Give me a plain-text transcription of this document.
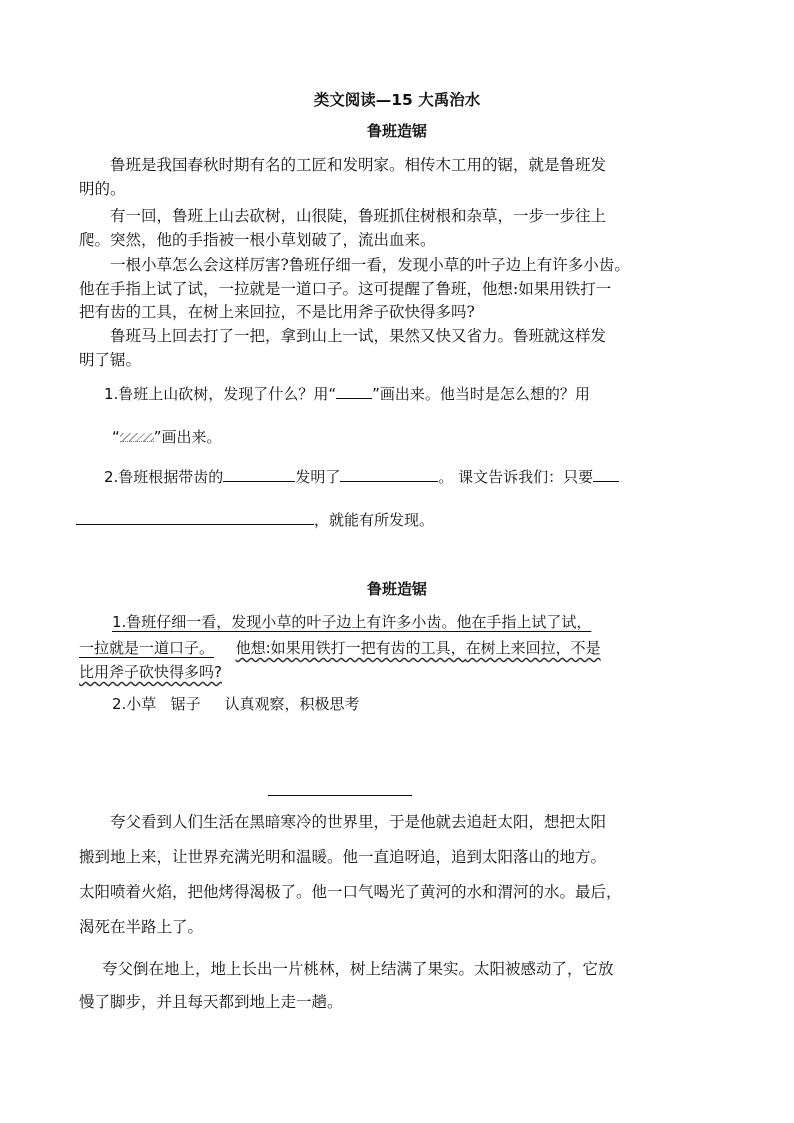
类文阅读—15 大禹治水
鲁班造锯
鲁班是我国春秋时期有名的工匠和发明家。相传木工用的锯，就是鲁班发
明的。
有一回，鲁班上山去砍树，山很陡，鲁班抓住树根和杂草，一步一步往上
爬。突然，他的手指被一根小草划破了，流出血来。
一根小草怎么会这样厉害?鲁班仔细一看，发现小草的叶子边上有许多小齿。
他在手指上试了试，一拉就是一道口子。这可提醒了鲁班，他想:如果用铁打一
把有齿的工具，在树上来回拉，不是比用斧子砍快得多吗?
鲁班马上回去打了一把，拿到山上一试，果然又快又省力。鲁班就这样发
明了锯。
1.鲁班上山砍树，发现了什么？用“ ”画出来。他当时是怎么想的？用
“ ”画出来。
2.鲁班根据带齿的	发明了	。 课文告诉我们：只要
，就能有所发现。
鲁班造锯
1.鲁班仔细一看，发现小草的叶子边上有许多小齿。他在手指上试了试，
一拉就是一道口子。 他想:如果用铁打一把有齿的工具，在树上来回拉，不是
比用斧子砍快得多吗?
2.小草   锯子     认真观察，积极思考
夸父看到人们生活在黑暗寒冷的世界里，于是他就去追赶太阳，想把太阳
搬到地上来，让世界充满光明和温暖。他一直追呀追，追到太阳落山的地方。
太阳喷着火焰，把他烤得渴极了。他一口气喝光了黄河的水和渭河的水。最后，
渴死在半路上了。
夸父倒在地上，地上长出一片桃林，树上结满了果实。太阳被感动了，它放
慢了脚步，并且每天都到地上走一趟。
